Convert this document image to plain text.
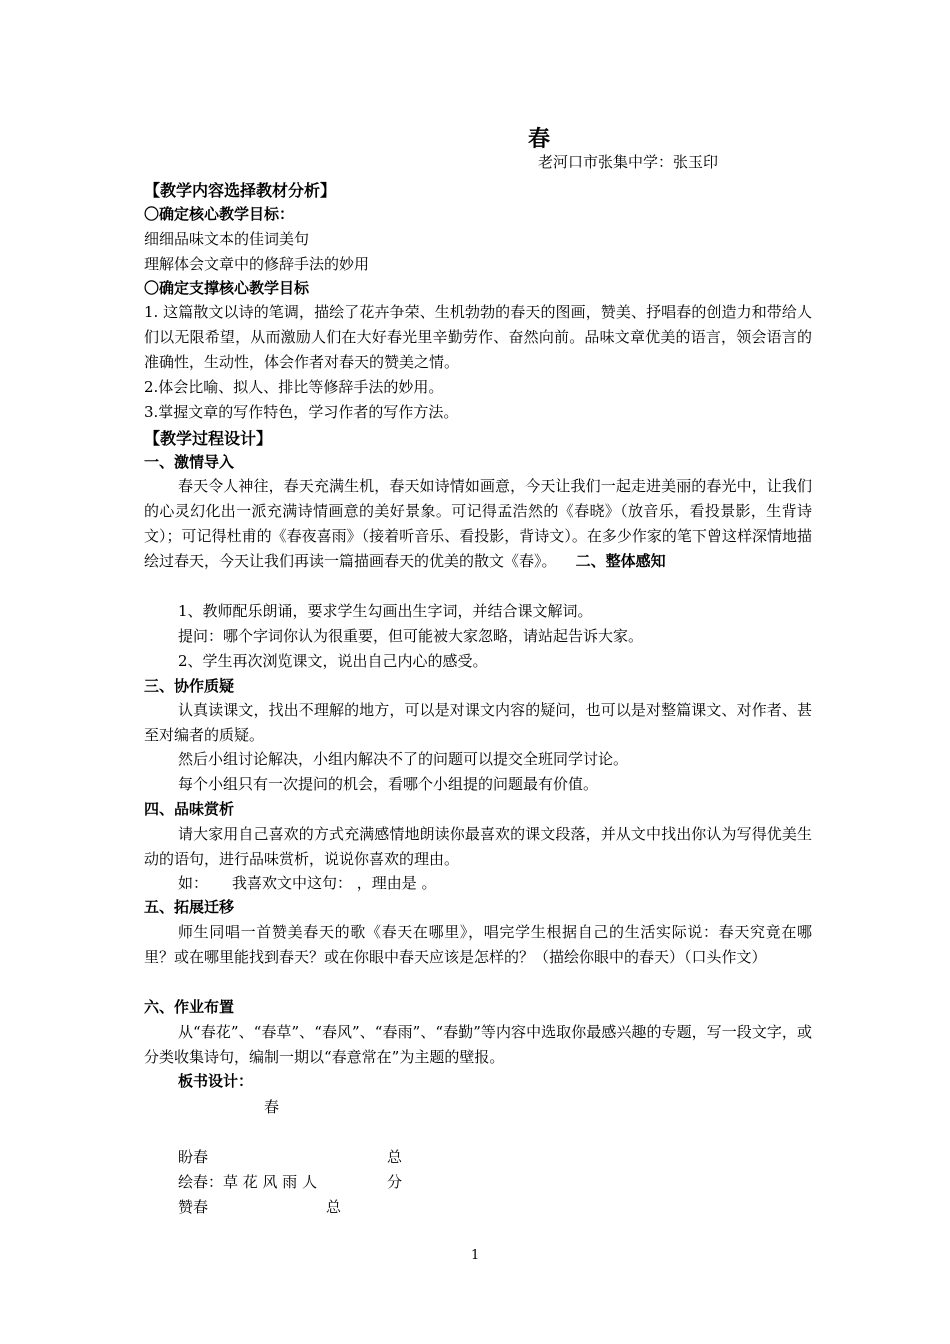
春
老河口市张集中学：张玉印
【教学内容选择教材分析】
〇确定核心教学目标：
细细品味文本的佳词美句
理解体会文章中的修辞手法的妙用
〇确定支撑核心教学目标
1. 这篇散文以诗的笔调，描绘了花卉争荣、生机勃勃的春天的图画，赞美、抒唱春的创造力和带给人们以无限希望，从而激励人们在大好春光里辛勤劳作、奋然向前。品味文章优美的语言，领会语言的准确性，生动性，体会作者对春天的赞美之情。
2.体会比喻、拟人、排比等修辞手法的妙用。
3.掌握文章的写作特色，学习作者的写作方法。
【教学过程设计】
一、激情导入
春天令人神往，春天充满生机，春天如诗情如画意，今天让我们一起走进美丽的春光中，让我们的心灵幻化出一派充满诗情画意的美好景象。可记得孟浩然的《春晓》（放音乐，看投景影，生背诗文）；可记得杜甫的《春夜喜雨》（接着听音乐、看投影，背诗文）。在多少作家的笔下曾这样深情地描绘过春天，今天让我们再读一篇描画春天的优美的散文《春》。 二、整体感知
1、教师配乐朗诵，要求学生勾画出生字词，并结合课文解词。
提问：哪个字词你认为很重要，但可能被大家忽略，请站起告诉大家。
2、学生再次浏览课文，说出自己内心的感受。
三、协作质疑
认真读课文，找出不理解的地方，可以是对课文内容的疑问，也可以是对整篇课文、对作者、甚至对编者的质疑。
然后小组讨论解决，小组内解决不了的问题可以提交全班同学讨论。
每个小组只有一次提问的机会，看哪个小组提的问题最有价值。
四、品味赏析
请大家用自己喜欢的方式充满感情地朗读你最喜欢的课文段落，并从文中找出你认为写得优美生动的语句，进行品味赏析，说说你喜欢的理由。
如： 我喜欢文中这句： ，理由是 。
五、拓展迁移
师生同唱一首赞美春天的歌《春天在哪里》，唱完学生根据自己的生活实际说：春天究竟在哪里？或在哪里能找到春天？或在你眼中春天应该是怎样的？（描绘你眼中的春天）（口头作文）
六、作业布置
从“春花”、“春草”、“春风”、“春雨”、“春勤”等内容中选取你最感兴趣的专题，写一段文字，或分类收集诗句，编制一期以“春意常在”为主题的壁报。
板书设计：
春
盼春	总
绘春：草 花 风 雨 人	分
赞春	总
1
